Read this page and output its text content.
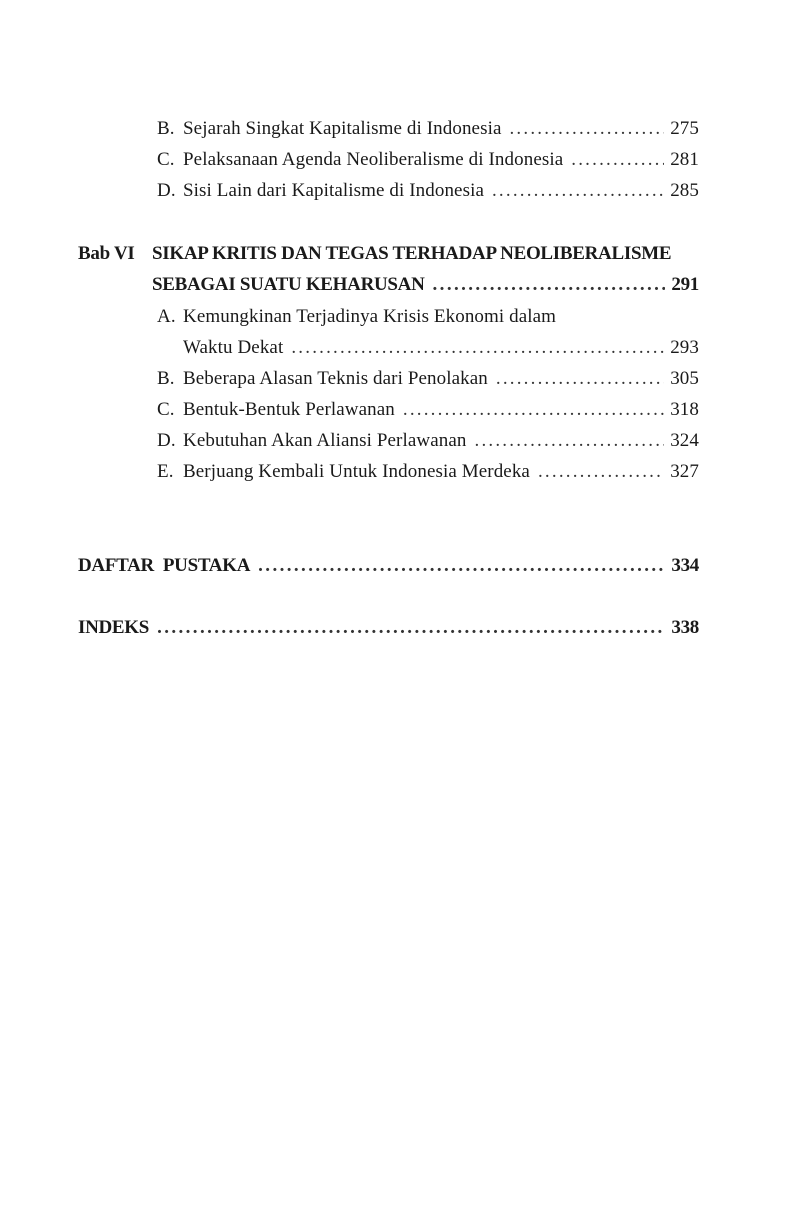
B. Sejarah Singkat Kapitalisme di Indonesia .....	275
C. Pelaksanaan Agenda Neoliberalisme di Indonesia .....	281
D. Sisi Lain dari Kapitalisme di Indonesia .....	285
Bab VI SIKAP KRITIS DAN TEGAS TERHADAP NEOLIBERALISME
SEBAGAI SUATU KEHARUSAN .....	291
A. Kemungkinan Terjadinya Krisis Ekonomi dalam
Waktu Dekat .....	293
B. Beberapa Alasan Teknis dari Penolakan .....	305
C. Bentuk-Bentuk Perlawanan .....	318
D. Kebutuhan Akan Aliansi Perlawanan .....	324
E. Berjuang Kembali Untuk Indonesia Merdeka .....	327
DAFTAR  PUSTAKA .....	334
INDEKS .....	338
